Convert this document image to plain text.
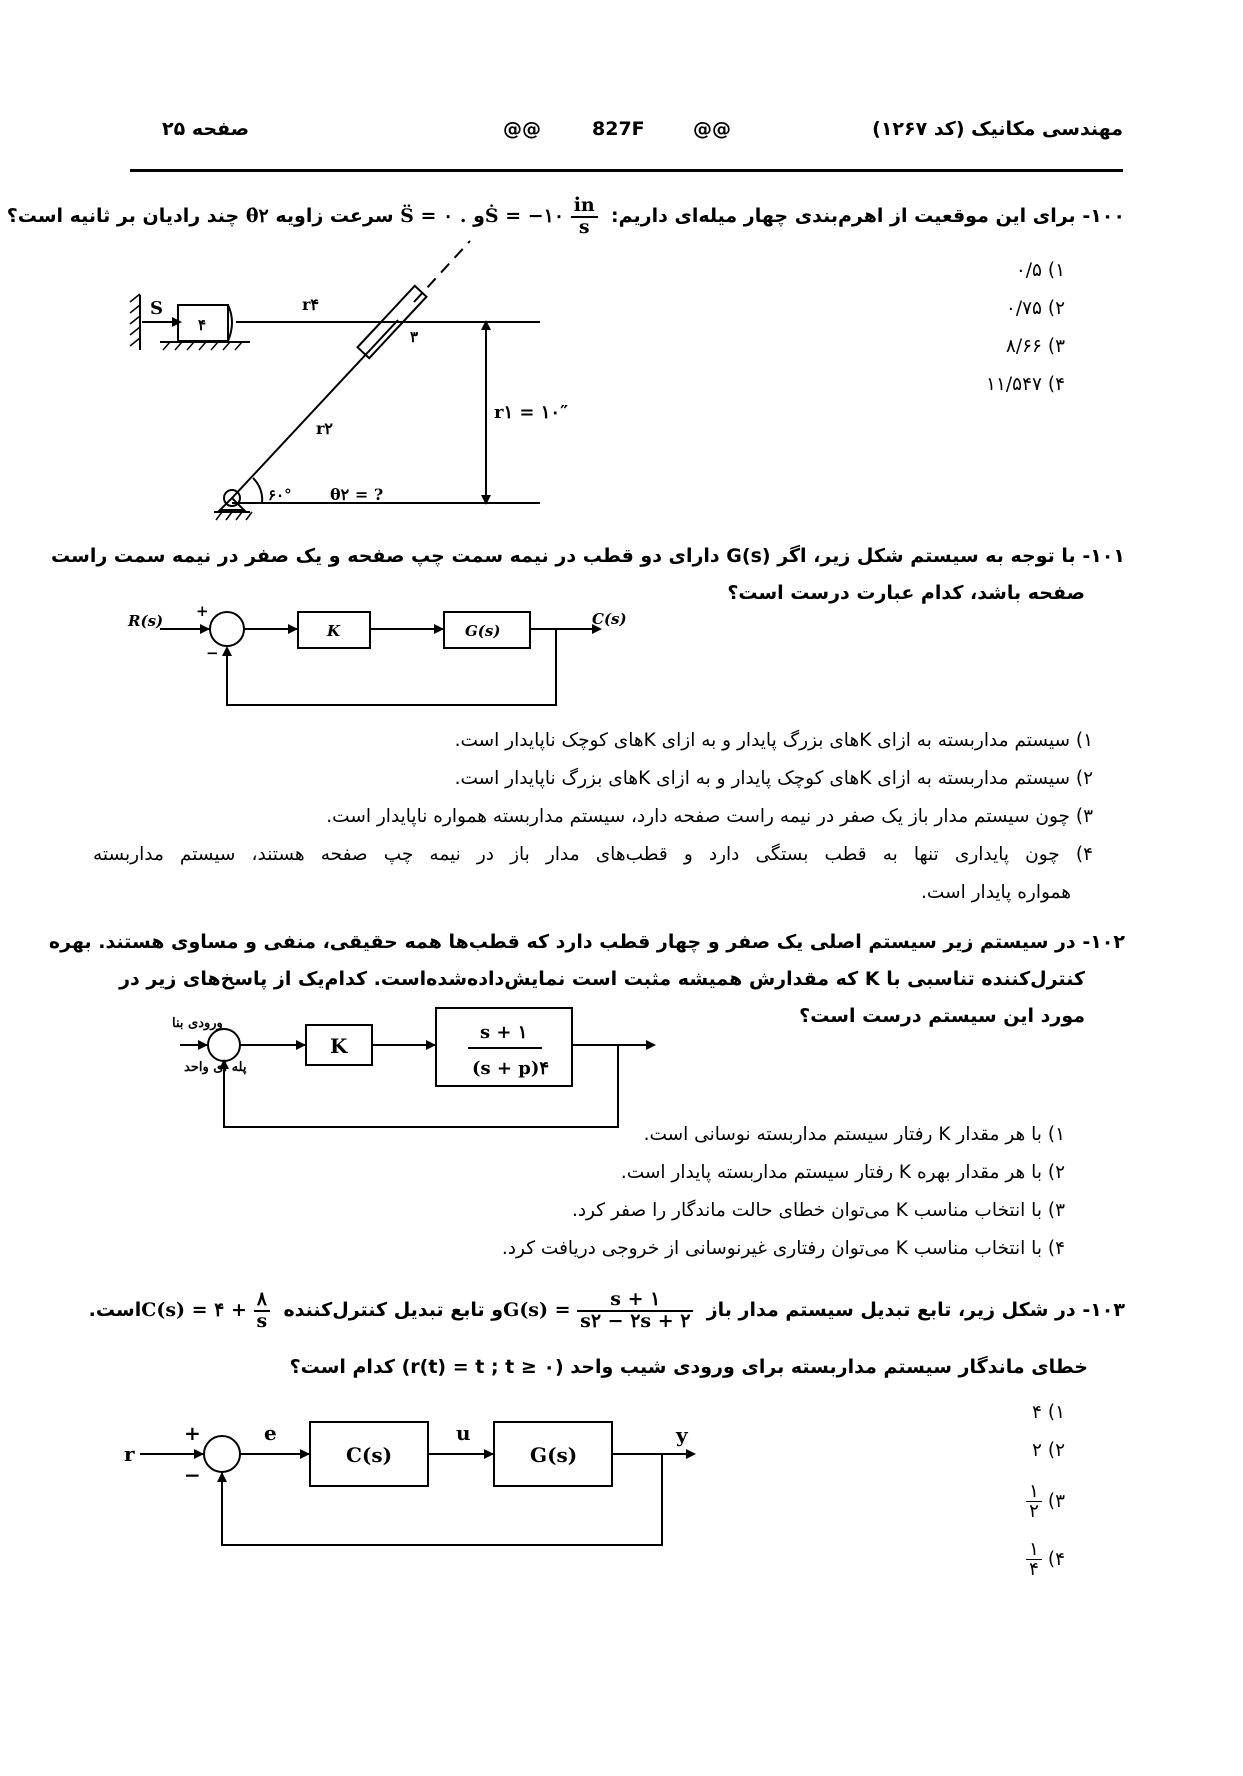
مهندسی مکانیک (کد ۱۲۶۷)
@@	827F	@@
صفحه ۲۵
۱۰۰- برای این موقعیت از اهرم‌بندی چهار میله‌ای داریم: Ṡ = −۱۰ $\frac{in}{s}$
و S̈ = ۰ . سرعت زاویه θ̇۲ چند رادیان بر ثانیه است؟
۱) ۰/۵
۲) ۰/۷۵
۳) ۸/۶۶
۴) ۱۱/۵۴۷
S
۴
r۴
۳
r۲
r۱ = ۱۰″
۶۰° θ۲ = ?
۱۰۱- با توجه به سیستم شکل زیر، اگر G(s) دارای دو قطب در نیمه سمت چپ صفحه و یک صفر در نیمه سمت راست
صفحه باشد، کدام عبارت درست است؟
R(s)
+
−
K	G(s)
C(s)
۱) سیستم مداربسته به ازای Kهای بزرگ پایدار و به ازای Kهای کوچک ناپایدار است.
۲) سیستم مداربسته به ازای Kهای کوچک پایدار و به ازای Kهای بزرگ ناپایدار است.
۳) چون سیستم مدار باز یک صفر در نیمه راست صفحه دارد، سیستم مداربسته همواره ناپایدار است.
۴) چون پایداری تنها به قطب بستگی دارد و قطب‌های مدار باز در نیمه چپ صفحه هستند، سیستم مداربسته
همواره پایدار است.
۱۰۲- در سیستم زیر سیستم اصلی یک صفر و چهار قطب دارد که قطب‌ها همه حقیقی، منفی و مساوی هستند. بهره
کنترل‌کننده تناسبی با K که مقدارش همیشه مثبت است نمایش‌داده‌شده‌است. کدام‌یک از پاسخ‌های زیر در
مورد این سیستم درست است؟
K
s + ۱
(s + p)۴
ورودی بنا
پله ای واحد
۱) با هر مقدار K رفتار سیستم مداربسته نوسانی است.
۲) با هر مقدار بهره K رفتار سیستم مداربسته پایدار است.
۳) با انتخاب مناسب K می‌توان خطای حالت ماندگار را صفر کرد.
۴) با انتخاب مناسب K می‌توان رفتاری غیرنوسانی از خروجی دریافت کرد.
۱۰۳- در شکل زیر، تابع تبدیل سیستم مدار باز $G(s) = \frac{s + ۱}{s۲ - ۲s + ۲}$
و تابع تبدیل کنترل‌کننده C(s) = ۴ + $\frac{۸}{s}$
است.
خطای ماندگار سیستم مداربسته برای ورودی شیب واحد (r(t) = t ; t ≥ ۰) کدام است؟
r
+
−
e
C(s)
u
G(s)
y
۱) ۴
۲) ۲
۳)
$\frac{۱}{۲}$
۴)
$\frac{۱}{۴}$
